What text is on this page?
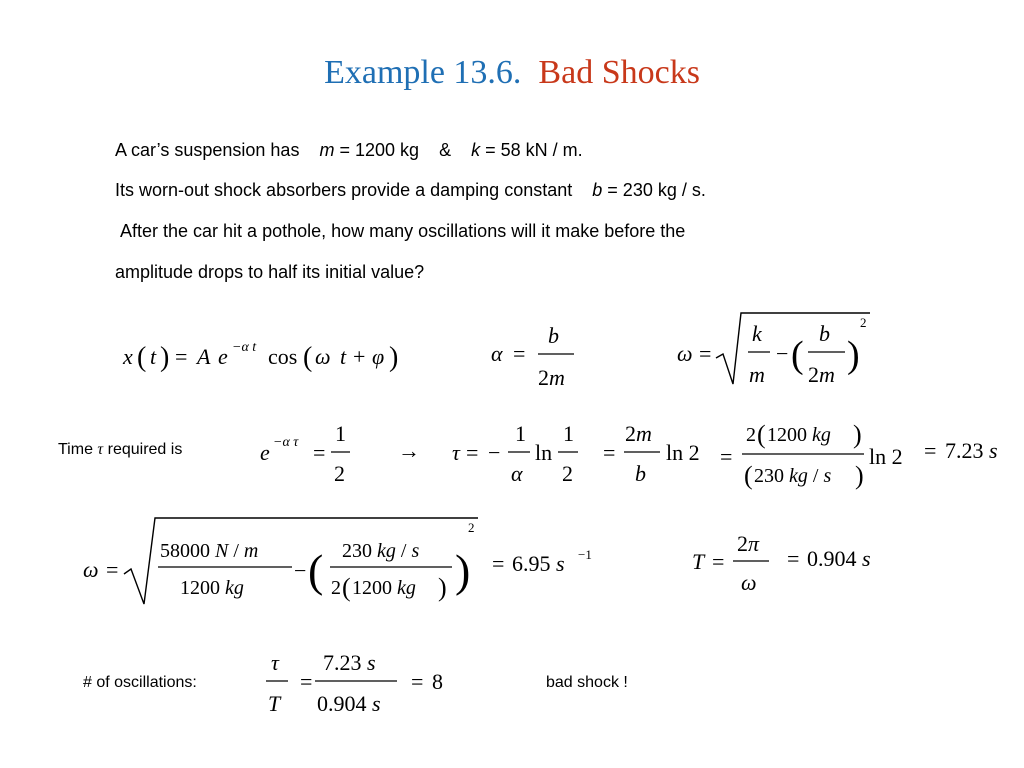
Example 13.6. Bad Shocks
A car’s suspension has m = 1200 kg & k = 58 kN / m.
Its worn-out shock absorbers provide a damping constant b = 230 kg / s.
After the car hit a pothole, how many oscillations will it make before the
amplitude drops to half its initial value?
Time τ required is
# of oscillations:	bad shock !
x ( t ) = A e −α t cos ( ω t + φ )	α =
b
2m
ω =
k
m
− (
b
2m )
2
e −α τ =
1
2
→ τ = −
1
α
ln
1
2
=
2m
b
ln 2 =
2 ( 1200 kg )
( 230 kg / s )
ln 2 = 7.23 s
ω =
58000 N / m
1200 kg
− ( 230 kg / s
2 ( 1200 kg ) )
2
= 6.95 s −1	T =
2π
ω
= 0.904 s
τ
T
=
7.23 s
0.904 s
= 8
